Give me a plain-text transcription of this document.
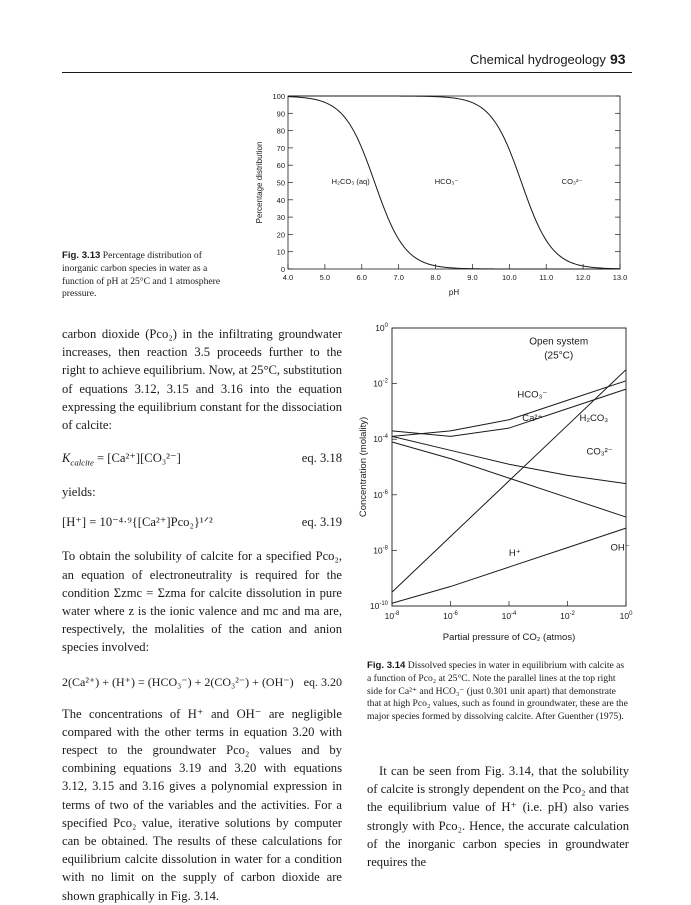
Chemical hydrogeology 93
0
10
20
30
40
50
60
70
80
90
100
4.0	5.0	6.0	7.0	8.0	9.0	10.0	11.0	12.0	13.0
pH
Percentage distribution	H₂CO₃ (aq)	HCO₃⁻	CO₃²⁻
Fig. 3.13 Percentage distribution of inorganic carbon species in water as a function of pH at 25°C and 1 atmosphere pressure.

carbon dioxide (Pco₂) in the infiltrating groundwater increases, then reaction 3.5 proceeds further to the right to achieve equilibrium. Now, at 25°C, substitution of equations 3.12, 3.15 and 3.16 into the equation expressing the equilibrium constant for the dissociation of calcite:

$K_{calcite} = [Ca^{2+}][CO_3^{2-}]$	eq. 3.18

yields:

[H⁺] = 10⁻⁴·⁹{[Ca²⁺]Pco₂}¹ᐟ²	eq. 3.19

To obtain the solubility of calcite for a specified Pco₂, an equation of electroneutrality is required for the condition Σzmc = Σzma for calcite dissolution in pure water where z is the ionic valence and mc and ma are, respectively, the molalities of the cation and anion species involved:

2(Ca²⁺) + (H⁺) = (HCO₃⁻) + 2(CO₃²⁻) + (OH⁻) eq. 3.20

The concentrations of H⁺ and OH⁻ are negligible compared with the other terms in equation 3.20 with respect to the groundwater Pco₂ values and by combining equations 3.19 and 3.20 with equations 3.12, 3.15 and 3.16 gives a polynomial expression in terms of two of the variables and the activities. For a specified Pco₂ value, iterative solutions by computer can be obtained. The results of these calculations for equilibrium calcite dissolution in water for a condition with no limit on the supply of carbon dioxide are shown graphically in Fig. 3.14.

$10^0$
$10^{-2}$
$10^{-4}$
$10^{-6}$
$10^{-8}$
$10^{-10}$
$10^{-8}$	$10^{-6}$	$10^{-4}$	$10^{-2}$	$10^0$
Partial pressure of CO₂ (atmos)
Concentration (molality)
Open system
(25°C)
HCO₃⁻
Ca²⁺	H₂CO₃
CO₃²⁻
H⁺
OH⁻
Fig. 3.14 Dissolved species in water in equilibrium with calcite as a function of Pco₂ at 25°C. Note the parallel lines at the top right side for Ca²⁺ and HCO₃⁻ (just 0.301 unit apart) that demonstrate that at high Pco₂ values, such as found in groundwater, these are the major species formed by dissolving calcite. After Guenther (1975).

It can be seen from Fig. 3.14, that the solubility of calcite is strongly dependent on the Pco₂ and that the equilibrium value of H⁺ (i.e. pH) also varies strongly with Pco₂. Hence, the accurate calculation of the inorganic carbon species in groundwater requires the
